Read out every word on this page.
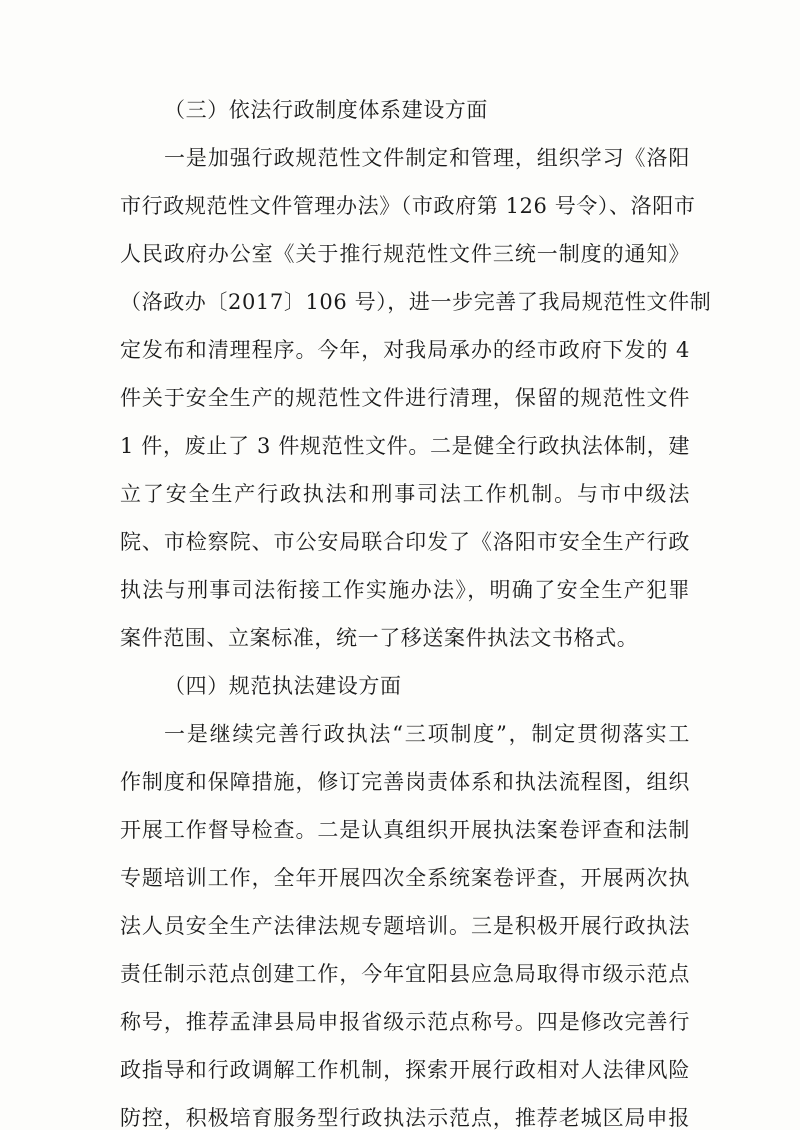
（三）依法行政制度体系建设方面
一是加强行政规范性文件制定和管理，组织学习《洛阳
市行政规范性文件管理办法》（市政府第 126 号令）、洛阳市
人民政府办公室《关于推行规范性文件三统一制度的通知》
（洛政办〔2017〕106 号），进一步完善了我局规范性文件制
定发布和清理程序。今年，对我局承办的经市政府下发的 4
件关于安全生产的规范性文件进行清理，保留的规范性文件
1 件，废止了 3 件规范性文件。二是健全行政执法体制，建
立了安全生产行政执法和刑事司法工作机制。与市中级法
院、市检察院、市公安局联合印发了《洛阳市安全生产行政
执法与刑事司法衔接工作实施办法》，明确了安全生产犯罪
案件范围、立案标准，统一了移送案件执法文书格式。
（四）规范执法建设方面
一是继续完善行政执法“三项制度”，制定贯彻落实工
作制度和保障措施，修订完善岗责体系和执法流程图，组织
开展工作督导检查。二是认真组织开展执法案卷评查和法制
专题培训工作，全年开展四次全系统案卷评查，开展两次执
法人员安全生产法律法规专题培训。三是积极开展行政执法
责任制示范点创建工作，今年宜阳县应急局取得市级示范点
称号，推荐孟津县局申报省级示范点称号。四是修改完善行
政指导和行政调解工作机制，探索开展行政相对人法律风险
防控，积极培育服务型行政执法示范点，推荐老城区局申报
